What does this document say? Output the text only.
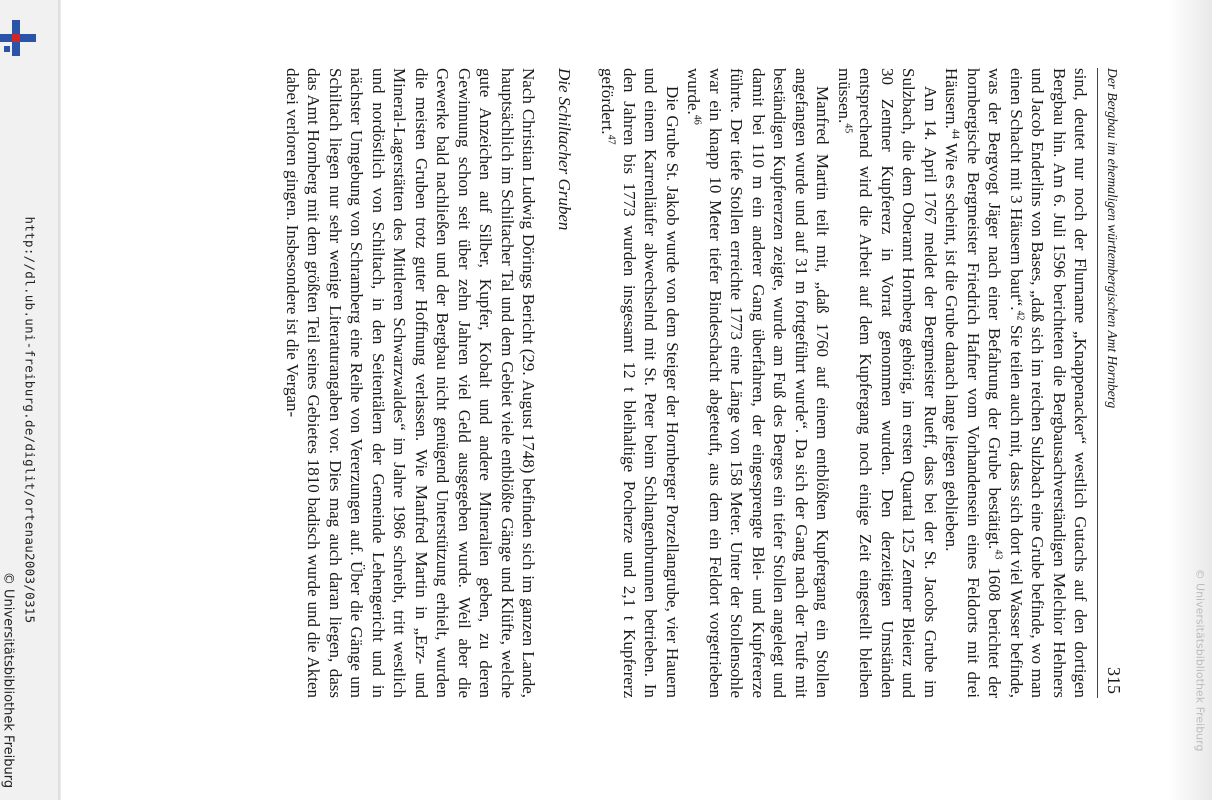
http://dl.ub.uni-freiburg.de/diglit/ortenau2003/0315
© Universitätsbibliothek Freiburg	© Universitätsbibliothek Freiburg
Der Bergbau im ehemaligen württembergischen Amt Hornberg
315

sind, deutet nur noch der Flurname „Knappenacker“ westlich Gutachs auf den dortigen Bergbau hin. Am 6. Juli 1596 berichteten die Bergbausachverständigen Melchior Hehners und Jacob Enderlins von Bases, „daß sich im reichen Sulzbach eine Grube befinde, wo man einen Schacht mit 3 Häusern baut“.$^{42}$ Sie teilen auch mit, dass sich dort viel Wasser befinde, was der Bergvogt Jäger nach einer Befahrung der Grube bestätigt.$^{43}$ 1608 berichtet der hornbergische Bergmeister Friedrich Hafner vom Vorhandensein eines Feldorts mit drei Häusern.$^{44}$ Wie es scheint, ist die Grube danach lange liegen geblieben.

Am 14. April 1767 meldet der Bergmeister Rueff, dass bei der St. Jacobs Grube im Sulzbach, die dem Oberamt Hornberg gehörig, im ersten Quartal 125 Zentner Bleierz und 30 Zentner Kupfererz in Vorrat genommen wurden. Den derzeitigen Umständen entsprechend wird die Arbeit auf dem Kupfergang noch einige Zeit eingestellt bleiben müssen.$^{45}$

Manfred Martin teilt mit, „daß 1760 auf einem entblößten Kupfergang ein Stollen angefangen wurde und auf 31 m fortgeführt wurde“. Da sich der Gang nach der Teufe mit beständigen Kupfererzen zeigte, wurde am Fuß des Berges ein tiefer Stollen angelegt und damit bei 110 m ein anderer Gang überfahren, der eingesprengte Blei- und Kupfererze führte. Der tiefe Stollen erreichte 1773 eine Länge von 158 Meter. Unter der Stollensohle war ein knapp 10 Meter tiefer Bindeschacht abgeteuft, aus dem ein Feldort vorgetrieben wurde.$^{46}$

Die Grube St. Jakob wurde von dem Steiger der Hornberger Porzellangrube, vier Hauern und einem Karrenläufer abwechselnd mit St. Peter beim Schlangenbrunnen betrieben. In den Jahren bis 1773 wurden insgesamt 12 t bleihaltige Pocherze und 2,1 t Kupfererz gefördert.$^{47}$

Die Schiltacher Gruben

Nach Christian Ludwig Dörings Bericht (29. August 1748) befinden sich im ganzen Lande, hauptsächlich im Schiltacher Tal und dem Gebiet viele entblößte Gänge und Klüfte, welche gute Anzeichen auf Silber, Kupfer, Kobalt und andere Mineralien geben, zu deren Gewinnung schon seit über zehn Jahren viel Geld ausgegeben wurde. Weil aber die Gewerke bald nachließen und der Bergbau nicht genügend Unterstützung erhielt, wurden die meisten Gruben trotz guter Hoffnung verlassen. Wie Manfred Martin in „Erz- und Mineral-Lagerstätten des Mittleren Schwarzwaldes“ im Jahre 1986 schreibt, tritt westlich und nordöstlich von Schiltach, in den Seitentälern der Gemeinde Lehengericht und in nächster Umgebung von Schramberg eine Reihe von Vererzungen auf. Über die Gänge um Schiltach liegen nur sehr wenige Literaturangaben vor. Dies mag auch daran liegen, dass das Amt Hornberg mit dem größten Teil seines Gebietes 1810 badisch wurde und die Akten dabei verloren gingen. Insbesondere ist die Vergan-
